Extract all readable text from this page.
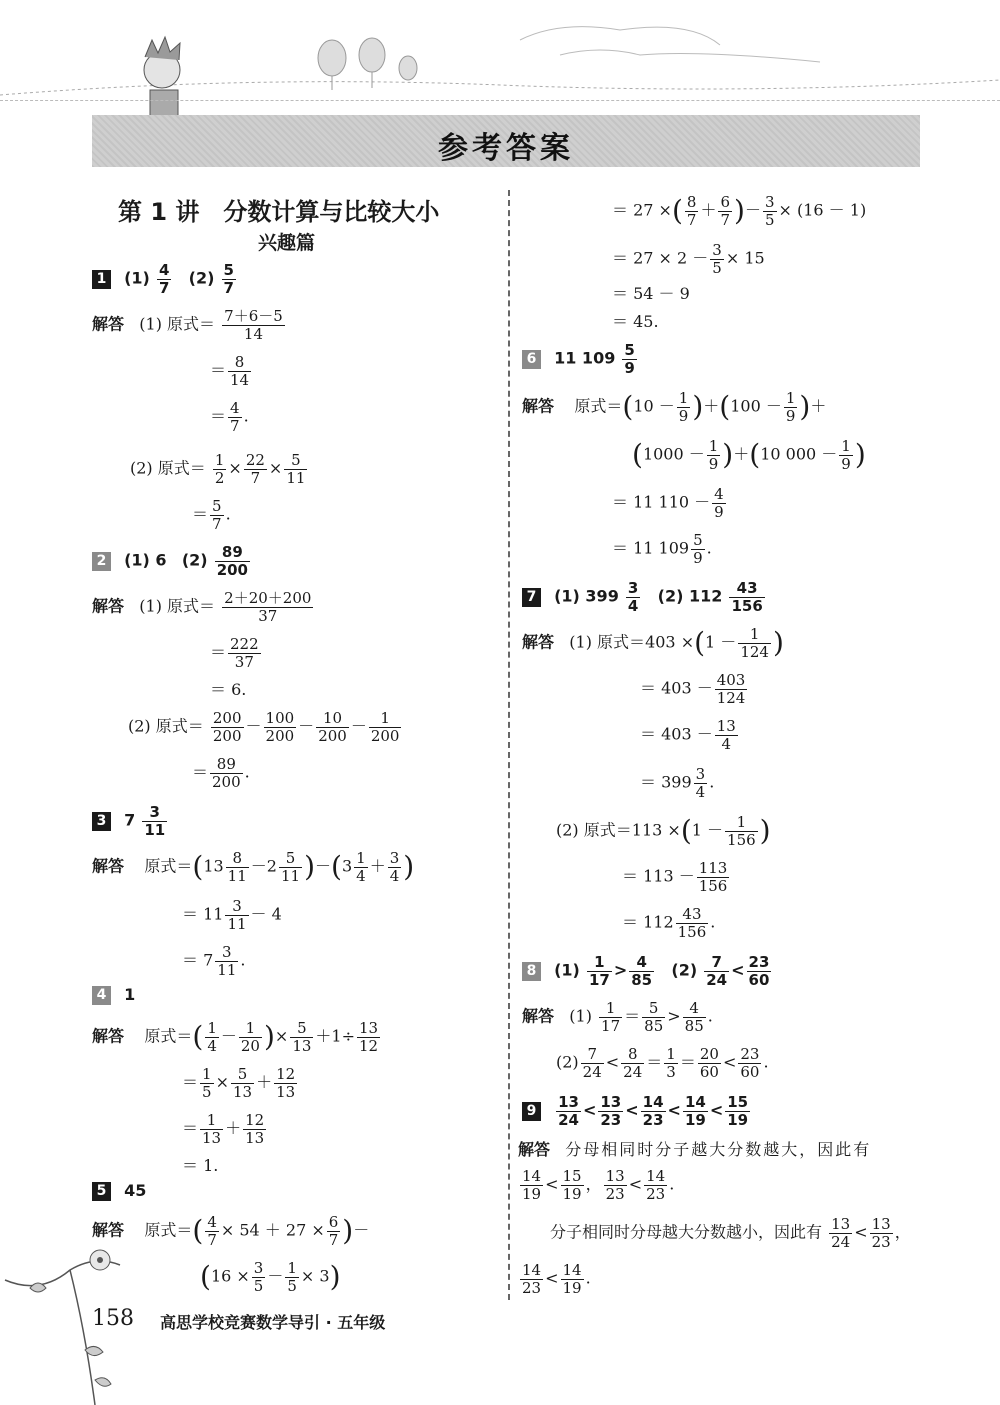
参考答案
第 1 讲　分数计算与比较大小
兴趣篇
1 $(1) \frac{4}{7} (2) \frac{5}{7}$
解答 (1) 原式＝ $\frac{7+6-5}{14}$
＝ $\frac{8}{14}$
＝ $\frac{4}{7}$ .
(2) 原式＝ $\frac{1}{2} \times \frac{22}{7} \times \frac{5}{11}$
＝ $\frac{5}{7}$ .
2 (1) 6 $(2) \frac{89}{200}$
解答 (1) 原式＝ $\frac{2+20+200}{37}$
＝ $\frac{222}{37}$
＝ 6.
(2) 原式＝ $\frac{200}{200} - \frac{100}{200} - \frac{10}{200} - \frac{1}{200}$
＝ $\frac{89}{200}$ .
3 $7 \frac{3}{11}$
解答 原式$=(13 \frac{8}{11} -2 \frac{5}{11} )-(3 \frac{1}{4} + \frac{3}{4}$ )
＝ $11 \frac{3}{11} - 4$
＝ $7 \frac{3}{11}$ .
4 1
解答 原式＝( $\frac{1}{4} - \frac{1}{20}$ )× $\frac{5}{13} +1\div \frac{13}{12}$
＝ $\frac{1}{5} \times \frac{5}{13} + \frac{12}{13}$
＝ $\frac{1}{13} + \frac{12}{13}$
＝ 1.
5 45
解答 原式＝( $\frac{4}{7} \times 54 + 27 \times \frac{6}{7}$ )－
$(16 \times \frac{3}{5} - \frac{1}{5} \times 3)$
＝ 27 ×( $\frac{8}{7} + \frac{6}{7}$ )－ $\frac{3}{5} \times (16 - 1)$
＝ $27 \times 2 - \frac{3}{5} \times 15$
＝ 54 － 9
＝ 45.
6 11 $109 \frac{5}{9}$
解答 原式$=(10 - \frac{1}{9} )+(100 - \frac{1}{9}$ )＋
$(1000 - \frac{1}{9} )+(10$ $000 - \frac{1}{9}$ )
＝ 11 $110 - \frac{4}{9}$
＝ 11 $109 \frac{5}{9}$ .
7 (1) $399 \frac{3}{4} (2)$ $112 \frac{43}{156}$
解答 (1) 原式$=403 \times(1 - \frac{1}{124}$ )
＝ $403 - \frac{403}{124}$
＝ $403 - \frac{13}{4}$
＝ $399 \frac{3}{4}$ .
(2) 原式$=113 \times(1 - \frac{1}{156}$ )
＝ $113 - \frac{113}{156}$
＝ $112 \frac{43}{156}$ .
8 $(1) \frac{1}{17} > \frac{4}{85} (2) \frac{7}{24} < \frac{23}{60}$
解答 $(1) \frac{1}{17} = \frac{5}{85} > \frac{4}{85}$ .
$(2) \frac{7}{24} < \frac{8}{24} = \frac{1}{3} = \frac{20}{60} < \frac{23}{60}$ .
$9 \frac{13}{24} < \frac{13}{23} < \frac{14}{23} < \frac{14}{19} < \frac{15}{19}$
解答 分母相同时分子越大分数越大，因此有
$\frac{14}{19} < \frac{15}{19}$ ， $\frac{13}{23} < \frac{14}{23}$ .
分子相同时分母越大分数越小，因此有 $\frac{13}{24} < \frac{13}{23}$ ，
$\frac{14}{23} < \frac{14}{19}$ .
158 高思学校竞赛数学导引 · 五年级
